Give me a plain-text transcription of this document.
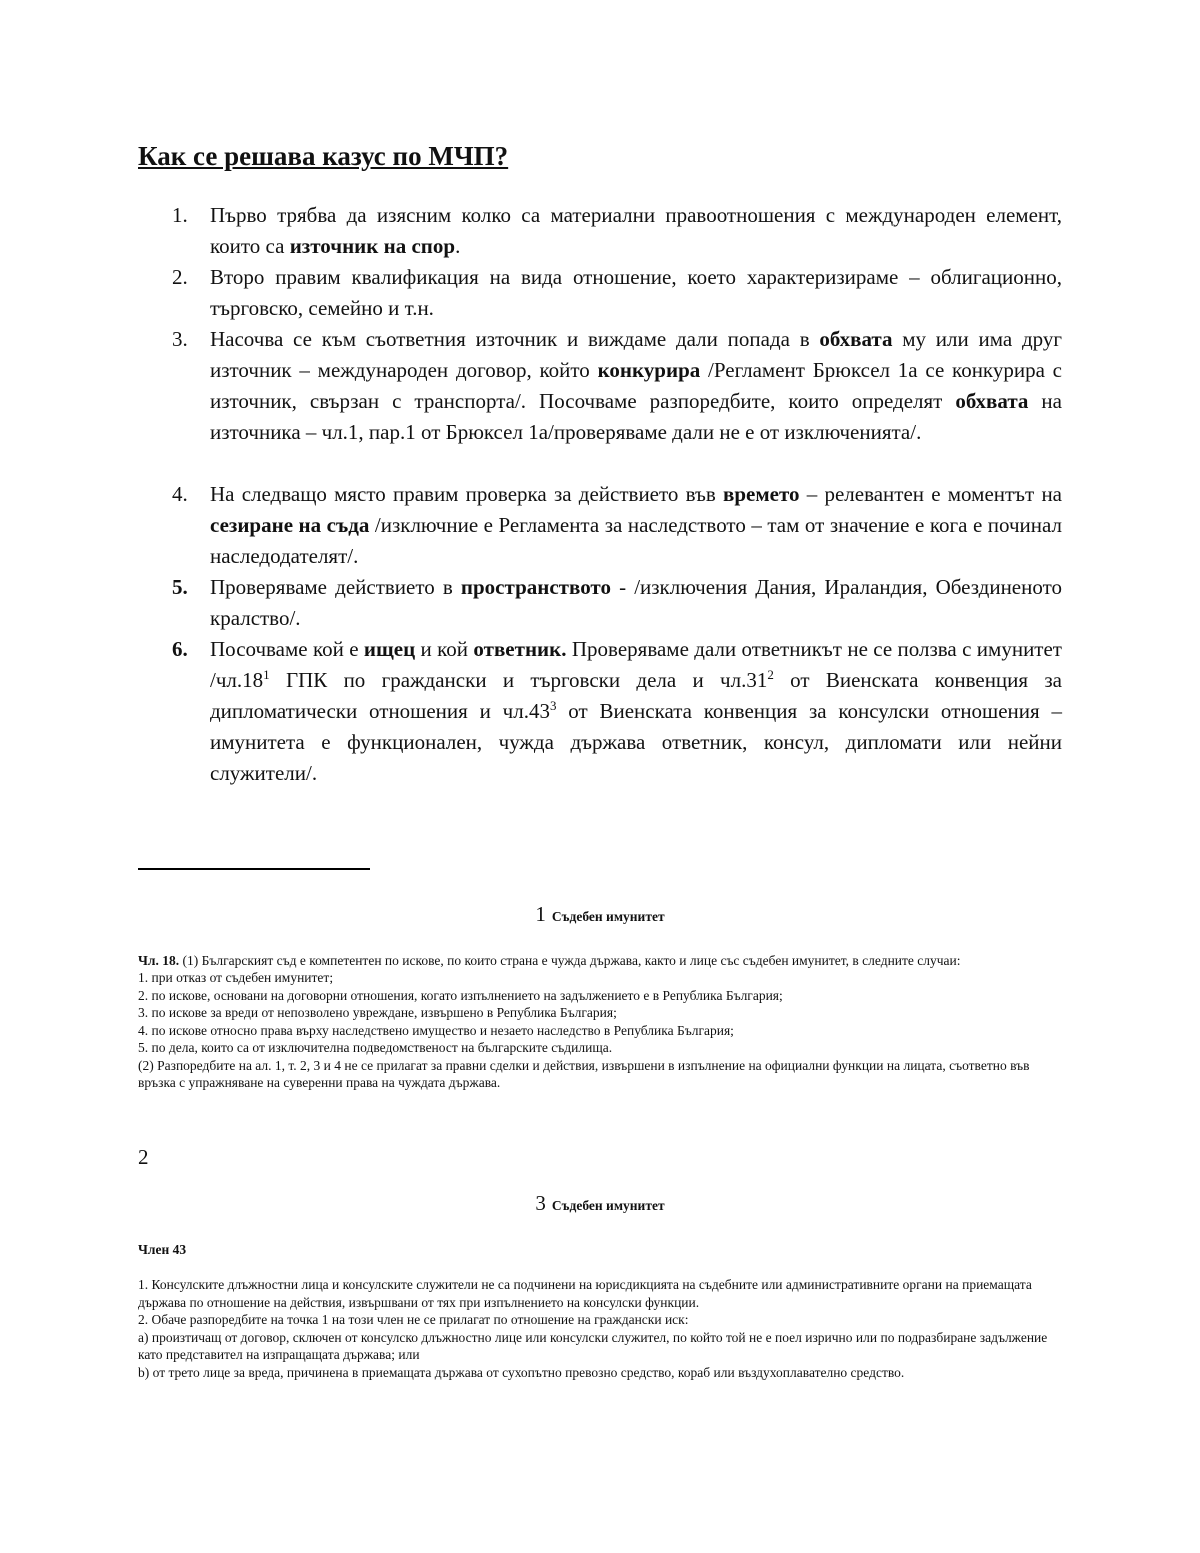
Как се решава казус по МЧП?
1. Първо трябва да изясним колко са материални правоотношения с международен елемент, които са източник на спор.
2. Второ правим квалификация на вида отношение, което характеризираме – облигационно, търговско, семейно и т.н.
3. Насочва се към съответния източник и виждаме дали попада в обхвата му или има друг източник – международен договор, който конкурира /Регламент Брюксел 1а се конкурира с източник, свързан с транспорта/. Посочваме разпоредбите, които определят обхвата на източника – чл.1, пар.1 от Брюксел 1а/проверяваме дали не е от изключенията/.
4. На следващо място правим проверка за действието във времето – релевантен е моментът на сезиране на съда /изключние е Регламента за наследството – там от значение е кога е починал наследодателят/.
5. Проверяваме действието в пространството - /изключения Дания, Ираландия, Обездиненото кралство/.
6. Посочваме кой е ищец и кой ответник. Проверяваме дали ответникът не се ползва с имунитет $/чл.18^1$ ГПК по граждански и търговски дела и $чл.31^2$ от Виенската конвенция за дипломатически отношения и $чл.43^3$ от Виенската конвенция за консулски отношения – имунитета е функционален, чужда държава ответник, консул, дипломати или нейни служители/.

1 Съдебен имунитет

Чл. 18. (1) Българският съд е компетентен по искове, по които страна е чужда държава, както и лице със съдебен имунитет, в следните случаи:

1. при отказ от съдебен имунитет;

2. по искове, основани на договорни отношения, когато изпълнението на задължението е в Република България;

3. по искове за вреди от непозволено увреждане, извършено в Република България;

4. по искове относно права върху наследствено имущество и незаето наследство в Република България;

5. по дела, които са от изключителна подведомственост на българските съдилища.

(2) Разпоредбите на ал. 1, т. 2, 3 и 4 не се прилагат за правни сделки и действия, извършени в изпълнение на официални функции на лицата, съответно във връзка с упражняване на суверенни права на чуждата държава.

2

3 Съдебен имунитет

Член 43

1. Консулските длъжностни лица и консулските служители не са подчинени на юрисдикцията на съдебните или административните органи на приемащата държава по отношение на действия, извършвани от тях при изпълнението на консулски функции.

2. Обаче разпоредбите на точка 1 на този член не се прилагат по отношение на граждански иск:

a) произтичащ от договор, сключен от консулско длъжностно лице или консулски служител, по който той не е поел изрично или по подразбиране задължение като представител на изпращащата държава; или

b) от трето лице за вреда, причинена в приемащата държава от сухопътно превозно средство, кораб или въздухоплавателно средство.
